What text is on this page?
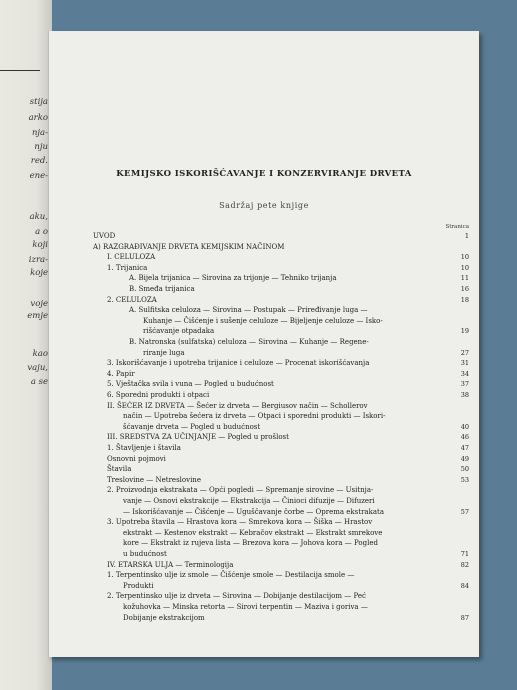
stija
arko
nja-
nju
red.
ene-
aku,
a o
koji
izra-
koje
voje
emje
kao
vaju,
a se
KEMIJSKO ISKORIŠĆAVANJE I KONZERVIRANJE DRVETA
Sadržaj pete knjige
Stranica
UVOD	1
A) RAZGRAĐIVANJE DRVETA KEMIJSKIM NAČINOM
I. CELULOZA	10
1. Trijanica	10
A. Bijela trijanica — Sirovina za trijonje — Tehniko trijanja	11
B. Smeđa trijanica	16
2. CELULOZA	18
A. Sulfitska celuloza — Sirovina — Postupak — Priređivanje luga —
Kuhanje — Čišćenje i sušenje celuloze — Bijeljenje celuloze — Isko-
rišćavanje otpadaka	19
B. Natronska (sulfatska) celuloza — Sirovina — Kuhanje — Regene-
riranje luga	27
3. Iskorišćavanje i upotreba trijanice i celuloze — Procenat iskorišćavanja	31
4. Papir	34
5. Vještačka svila i vuna — Pogled u budućnost	37
6. Sporedni produkti i otpaci	38
II. ŠEĆER IZ DRVETA — Šećer iz drveta — Bergiusov način — Schollerov
način — Upotreba šećera iz drveta — Otpaci i sporedni produkti — Iskori-
šćavanje drveta — Pogled u budućnost	40
III. SREDSTVA ZA UČINJANJE — Pogled u prošlost	46
1. Štavljenje i štavila	47
Osnovni pojmovi	49
Štavila	50
Treslovine — Netreslovine	53
2. Proizvodnja ekstrakata — Opći pogledi — Spremanje sirovine — Usitnja-
vanje — Osnovi ekstrakcije — Ekstrakcija — Činioci difuzije — Difuzeri
— Iskorišćavanje — Čišćenje — Uguščavanje čorbe — Oprema ekstrakata	57
3. Upotreba štavila — Hrastova kora — Smrekova kora — Šiška — Hrastov
ekstrakt — Kestenov ekstrakt — Kebračov ekstrakt — Ekstrakt smrekove
kore — Ekstrakt iz rujeva lista — Brezova kora — Johova kora — Pogled
u budućnost	71
IV. ETARSKA ULJA — Terminologija	82
1. Terpentinsko ulje iz smole — Čišćenje smole — Destilacija smole —
Produkti	84
2. Terpentinsko ulje iz drveta — Sirovina — Dobijanje destilacijom — Peć
kožuhovka — Minska retorta — Sirovi terpentin — Maziva i goriva —
Dobijanje ekstrakcijom	87
